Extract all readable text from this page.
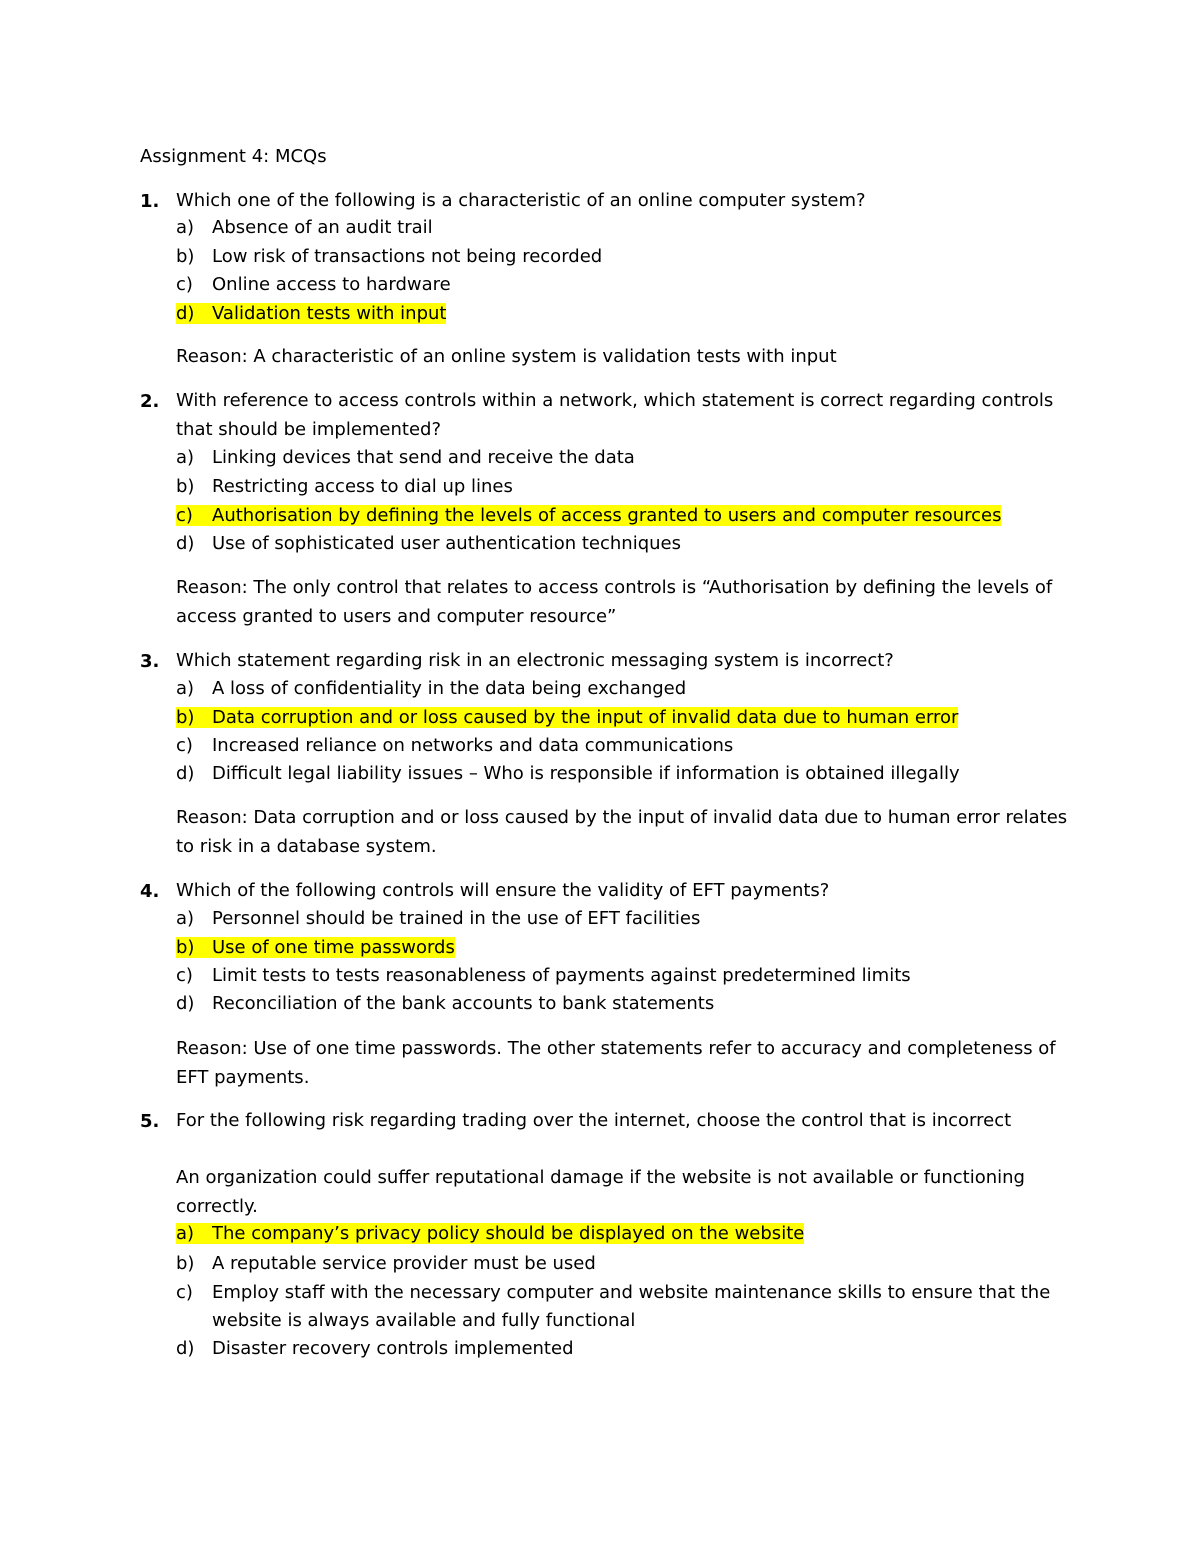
Assignment 4: MCQs
1. Which one of the following is a characteristic of an online computer system?
a) Absence of an audit trail
b) Low risk of transactions not being recorded
c) Online access to hardware
d) Validation tests with input
Reason: A characteristic of an online system is validation tests with input
2. With reference to access controls within a network, which statement is correct regarding controls that should be implemented?
a) Linking devices that send and receive the data
b) Restricting access to dial up lines
c) Authorisation by defining the levels of access granted to users and computer resources
d) Use of sophisticated user authentication techniques
Reason: The only control that relates to access controls is “Authorisation by defining the levels of access granted to users and computer resource”
3. Which statement regarding risk in an electronic messaging system is incorrect?
a) A loss of confidentiality in the data being exchanged
b) Data corruption and or loss caused by the input of invalid data due to human error
c) Increased reliance on networks and data communications
d) Difficult legal liability issues – Who is responsible if information is obtained illegally
Reason: Data corruption and or loss caused by the input of invalid data due to human error relates to risk in a database system.
4. Which of the following controls will ensure the validity of EFT payments?
a) Personnel should be trained in the use of EFT facilities
b) Use of one time passwords
c) Limit tests to tests reasonableness of payments against predetermined limits
d) Reconciliation of the bank accounts to bank statements
Reason: Use of one time passwords. The other statements refer to accuracy and completeness of EFT payments.
5. For the following risk regarding trading over the internet, choose the control that is incorrect
An organization could suffer reputational damage if the website is not available or functioning correctly.
a) The company’s privacy policy should be displayed on the website
b) A reputable service provider must be used
c) Employ staff with the necessary computer and website maintenance skills to ensure that the website is always available and fully functional
d) Disaster recovery controls implemented
